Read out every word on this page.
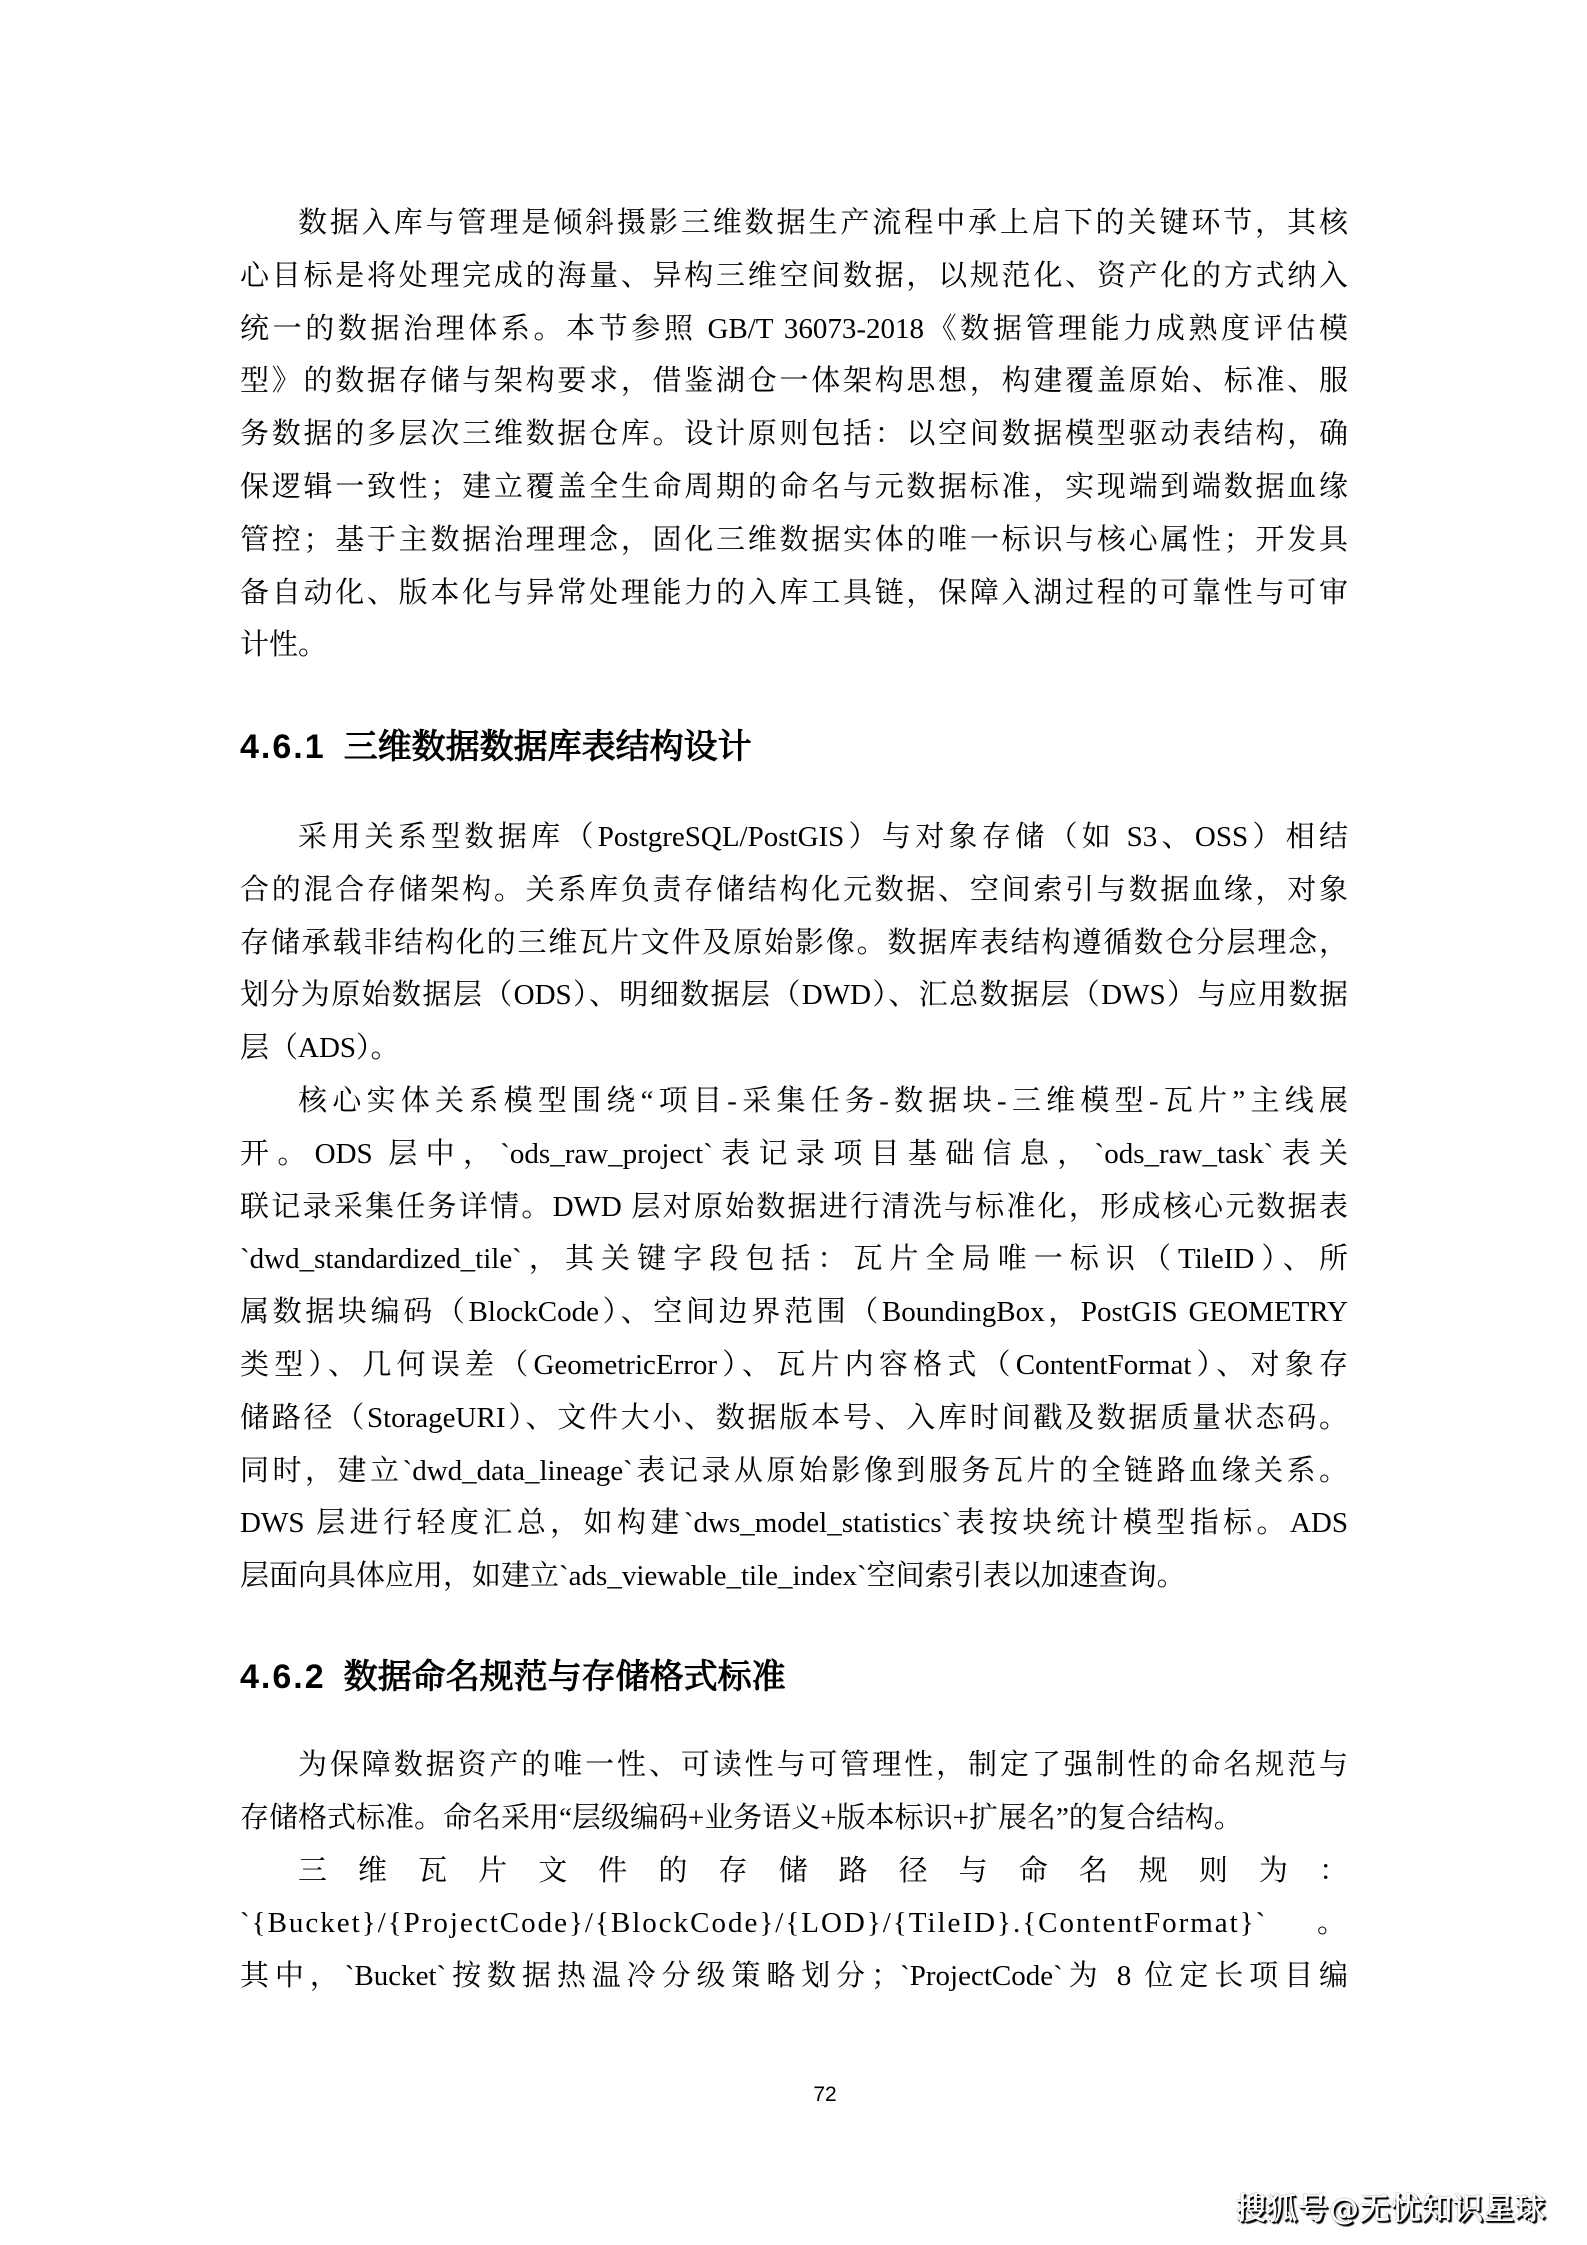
数据入库与管理是倾斜摄影三维数据生产流程中承上启下的关键环节，其核
心目标是将处理完成的海量、异构三维空间数据，以规范化、资产化的方式纳入
统一的数据治理体系。本节参照 GB/T 36073-2018《数据管理能力成熟度评估模
型》的数据存储与架构要求，借鉴湖仓一体架构思想，构建覆盖原始、标准、服
务数据的多层次三维数据仓库。设计原则包括：以空间数据模型驱动表结构，确
保逻辑一致性；建立覆盖全生命周期的命名与元数据标准，实现端到端数据血缘
管控；基于主数据治理理念，固化三维数据实体的唯一标识与核心属性；开发具
备自动化、版本化与异常处理能力的入库工具链，保障入湖过程的可靠性与可审
计性。
4.6.1 三维数据数据库表结构设计
采用关系型数据库（PostgreSQL/PostGIS）与对象存储（如 S3、OSS）相结
合的混合存储架构。关系库负责存储结构化元数据、空间索引与数据血缘，对象
存储承载非结构化的三维瓦片文件及原始影像。数据库表结构遵循数仓分层理念，
划分为原始数据层（ODS）、明细数据层（DWD）、汇总数据层（DWS）与应用数据
层（ADS）。
核心实体关系模型围绕“项目-采集任务-数据块-三维模型-瓦片”主线展
开。ODS 层中，`ods_raw_project`表记录项目基础信息，`ods_raw_task`表关
联记录采集任务详情。DWD 层对原始数据进行清洗与标准化，形成核心元数据表
`dwd_standardized_tile`，其关键字段包括：瓦片全局唯一标识（TileID）、所
属数据块编码（BlockCode）、空间边界范围（BoundingBox，PostGIS GEOMETRY
类型）、几何误差（GeometricError）、瓦片内容格式（ContentFormat）、对象存
储路径（StorageURI）、文件大小、数据版本号、入库时间戳及数据质量状态码。
同时，建立`dwd_data_lineage`表记录从原始影像到服务瓦片的全链路血缘关系。
DWS 层进行轻度汇总，如构建`dws_model_statistics`表按块统计模型指标。ADS
层面向具体应用，如建立`ads_viewable_tile_index`空间索引表以加速查询。
4.6.2 数据命名规范与存储格式标准
为保障数据资产的唯一性、可读性与可管理性，制定了强制性的命名规范与
存储格式标准。命名采用“层级编码+业务语义+版本标识+扩展名”的复合结构。
三维瓦片文件的存储路径与命名规则为：
`{Bucket}/{ProjectCode}/{BlockCode}/{LOD}/{TileID}.{ContentFormat}`。
其中，`Bucket`按数据热温冷分级策略划分；`ProjectCode`为 8 位定长项目编
72
搜狐号@无忧知识星球
